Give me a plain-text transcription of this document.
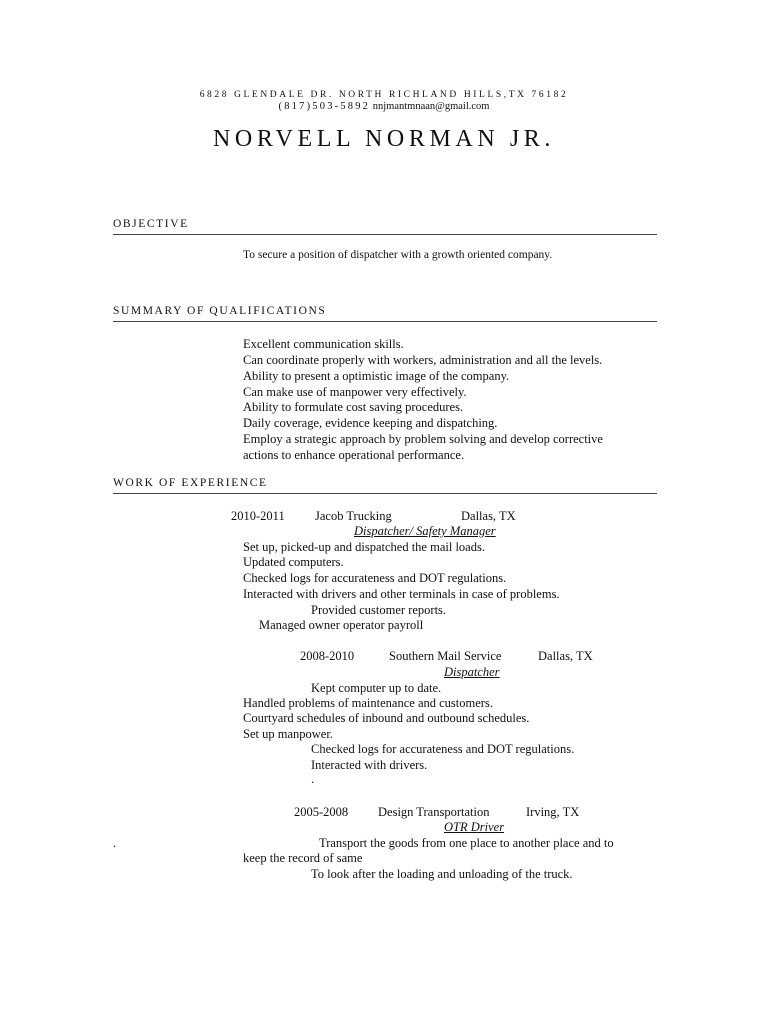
6828 GLENDALE DR. NORTH RICHLAND HILLS,TX 76182
(817)503-5892 nnjmantmnaan@gmail.com
NORVELL NORMAN JR.
OBJECTIVE
To secure a position of dispatcher with a growth oriented company.
SUMMARY OF QUALIFICATIONS
Excellent communication skills.
Can coordinate properly with workers, administration and all the levels.
Ability to present a optimistic image of the company.
Can make use of manpower very effectively.
Ability to formulate cost saving procedures.
Daily coverage, evidence keeping and dispatching.
Employ a strategic approach by problem solving and develop corrective
actions to enhance operational performance.
WORK OF EXPERIENCE
2010-2011 Jacob Trucking	Dallas, TX
Dispatcher/ Safety Manager
Set up, picked-up and dispatched the mail loads.
Updated computers.
Checked logs for accurateness and DOT regulations.
Interacted with drivers and other terminals in case of problems.
Provided customer reports.
Managed owner operator payroll
2008-2010	Southern Mail Service	Dallas, TX
Dispatcher
Kept computer up to date.
Handled problems of maintenance and customers.
Courtyard schedules of inbound and outbound schedules.
Set up manpower.
Checked logs for accurateness and DOT regulations.
Interacted with drivers.
.
2005-2008 Design Transportation	Irving, TX
OTR Driver
.	Transport the goods from one place to another place and to
keep the record of same
To look after the loading and unloading of the truck.
